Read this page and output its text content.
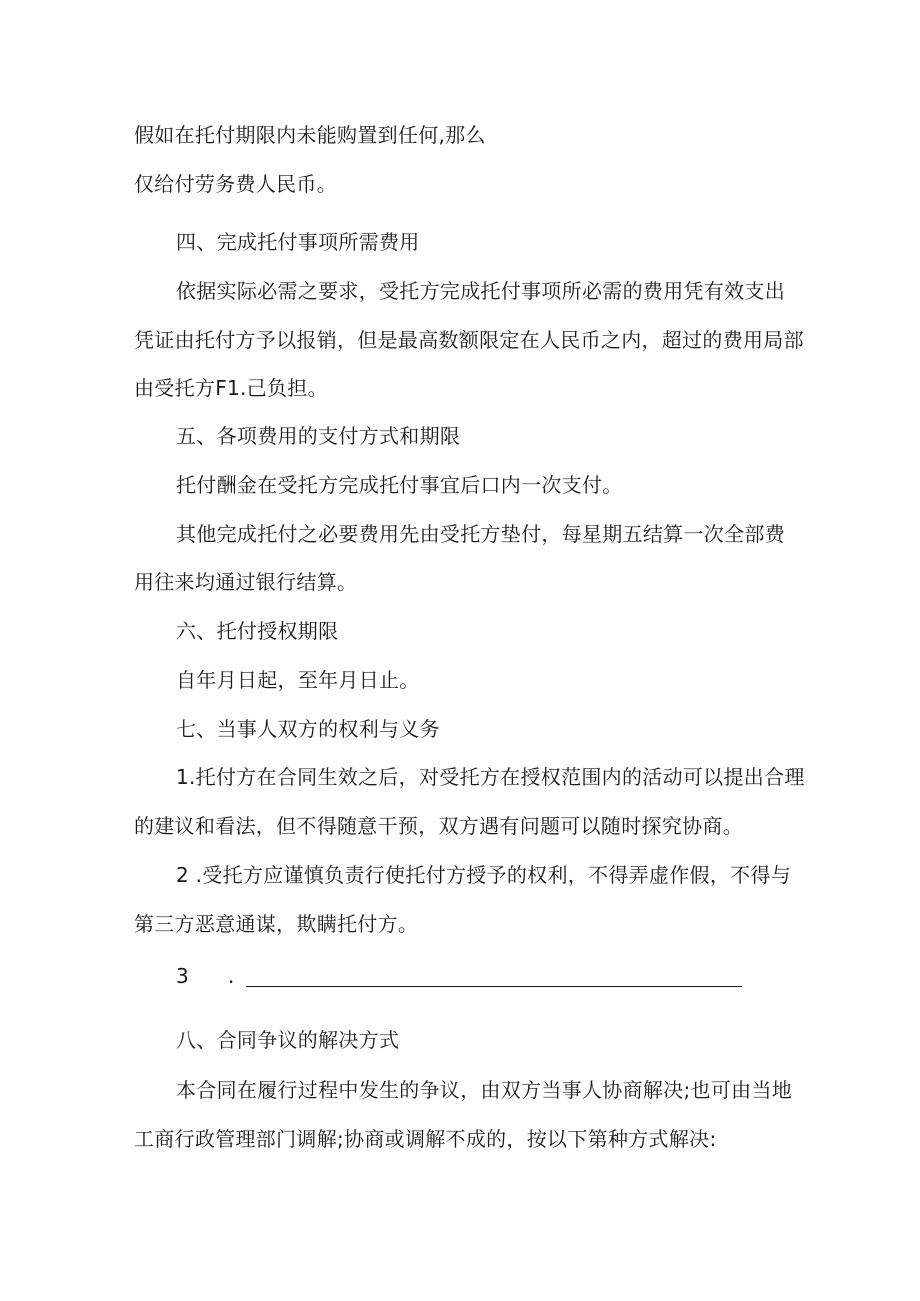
假如在托付期限内未能购置到任何,那么
仅给付劳务费人民币。
四、完成托付事项所需费用
依据实际必需之要求，受托方完成托付事项所必需的费用凭有效支出
凭证由托付方予以报销，但是最高数额限定在人民币之内，超过的费用局部
由受托方F1.己负担。
五、各项费用的支付方式和期限
托付酬金在受托方完成托付事宜后口内一次支付。
其他完成托付之必要费用先由受托方垫付，每星期五结算一次全部费
用往来均通过银行结算。
六、托付授权期限
自年月日起，至年月日止。
七、当事人双方的权利与义务
1.托付方在合同生效之后，对受托方在授权范围内的活动可以提出合理
的建议和看法，但不得随意干预，双方遇有问题可以随时探究协商。
2 .受托方应谨慎负责行使托付方授予的权利，不得弄虚作假，不得与
第三方恶意通谋，欺瞒托付方。
3 .
八、合同争议的解决方式
本合同在履行过程中发生的争议，由双方当事人协商解决;也可由当地
工商行政管理部门调解;协商或调解不成的，按以下第种方式解决:
